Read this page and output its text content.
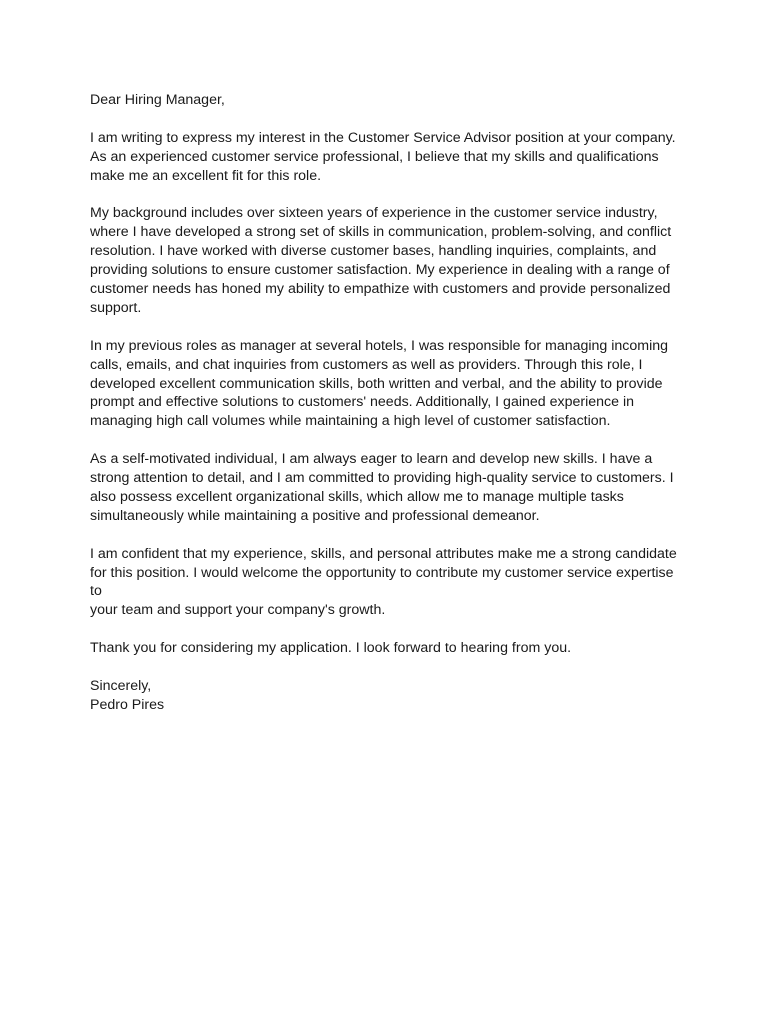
Dear Hiring Manager,

I am writing to express my interest in the Customer Service Advisor position at your company.
As an experienced customer service professional, I believe that my skills and qualifications
make me an excellent fit for this role.

My background includes over sixteen years of experience in the customer service industry,
where I have developed a strong set of skills in communication, problem-solving, and conflict
resolution. I have worked with diverse customer bases, handling inquiries, complaints, and
providing solutions to ensure customer satisfaction. My experience in dealing with a range of
customer needs has honed my ability to empathize with customers and provide personalized
support.

In my previous roles as manager at several hotels, I was responsible for managing incoming
calls, emails, and chat inquiries from customers as well as providers. Through this role, I
developed excellent communication skills, both written and verbal, and the ability to provide
prompt and effective solutions to customers' needs. Additionally, I gained experience in
managing high call volumes while maintaining a high level of customer satisfaction.

As a self-motivated individual, I am always eager to learn and develop new skills. I have a
strong attention to detail, and I am committed to providing high-quality service to customers. I
also possess excellent organizational skills, which allow me to manage multiple tasks
simultaneously while maintaining a positive and professional demeanor.

I am confident that my experience, skills, and personal attributes make me a strong candidate
for this position. I would welcome the opportunity to contribute my customer service expertise to
your team and support your company's growth.

Thank you for considering my application. I look forward to hearing from you.

Sincerely,
Pedro Pires
